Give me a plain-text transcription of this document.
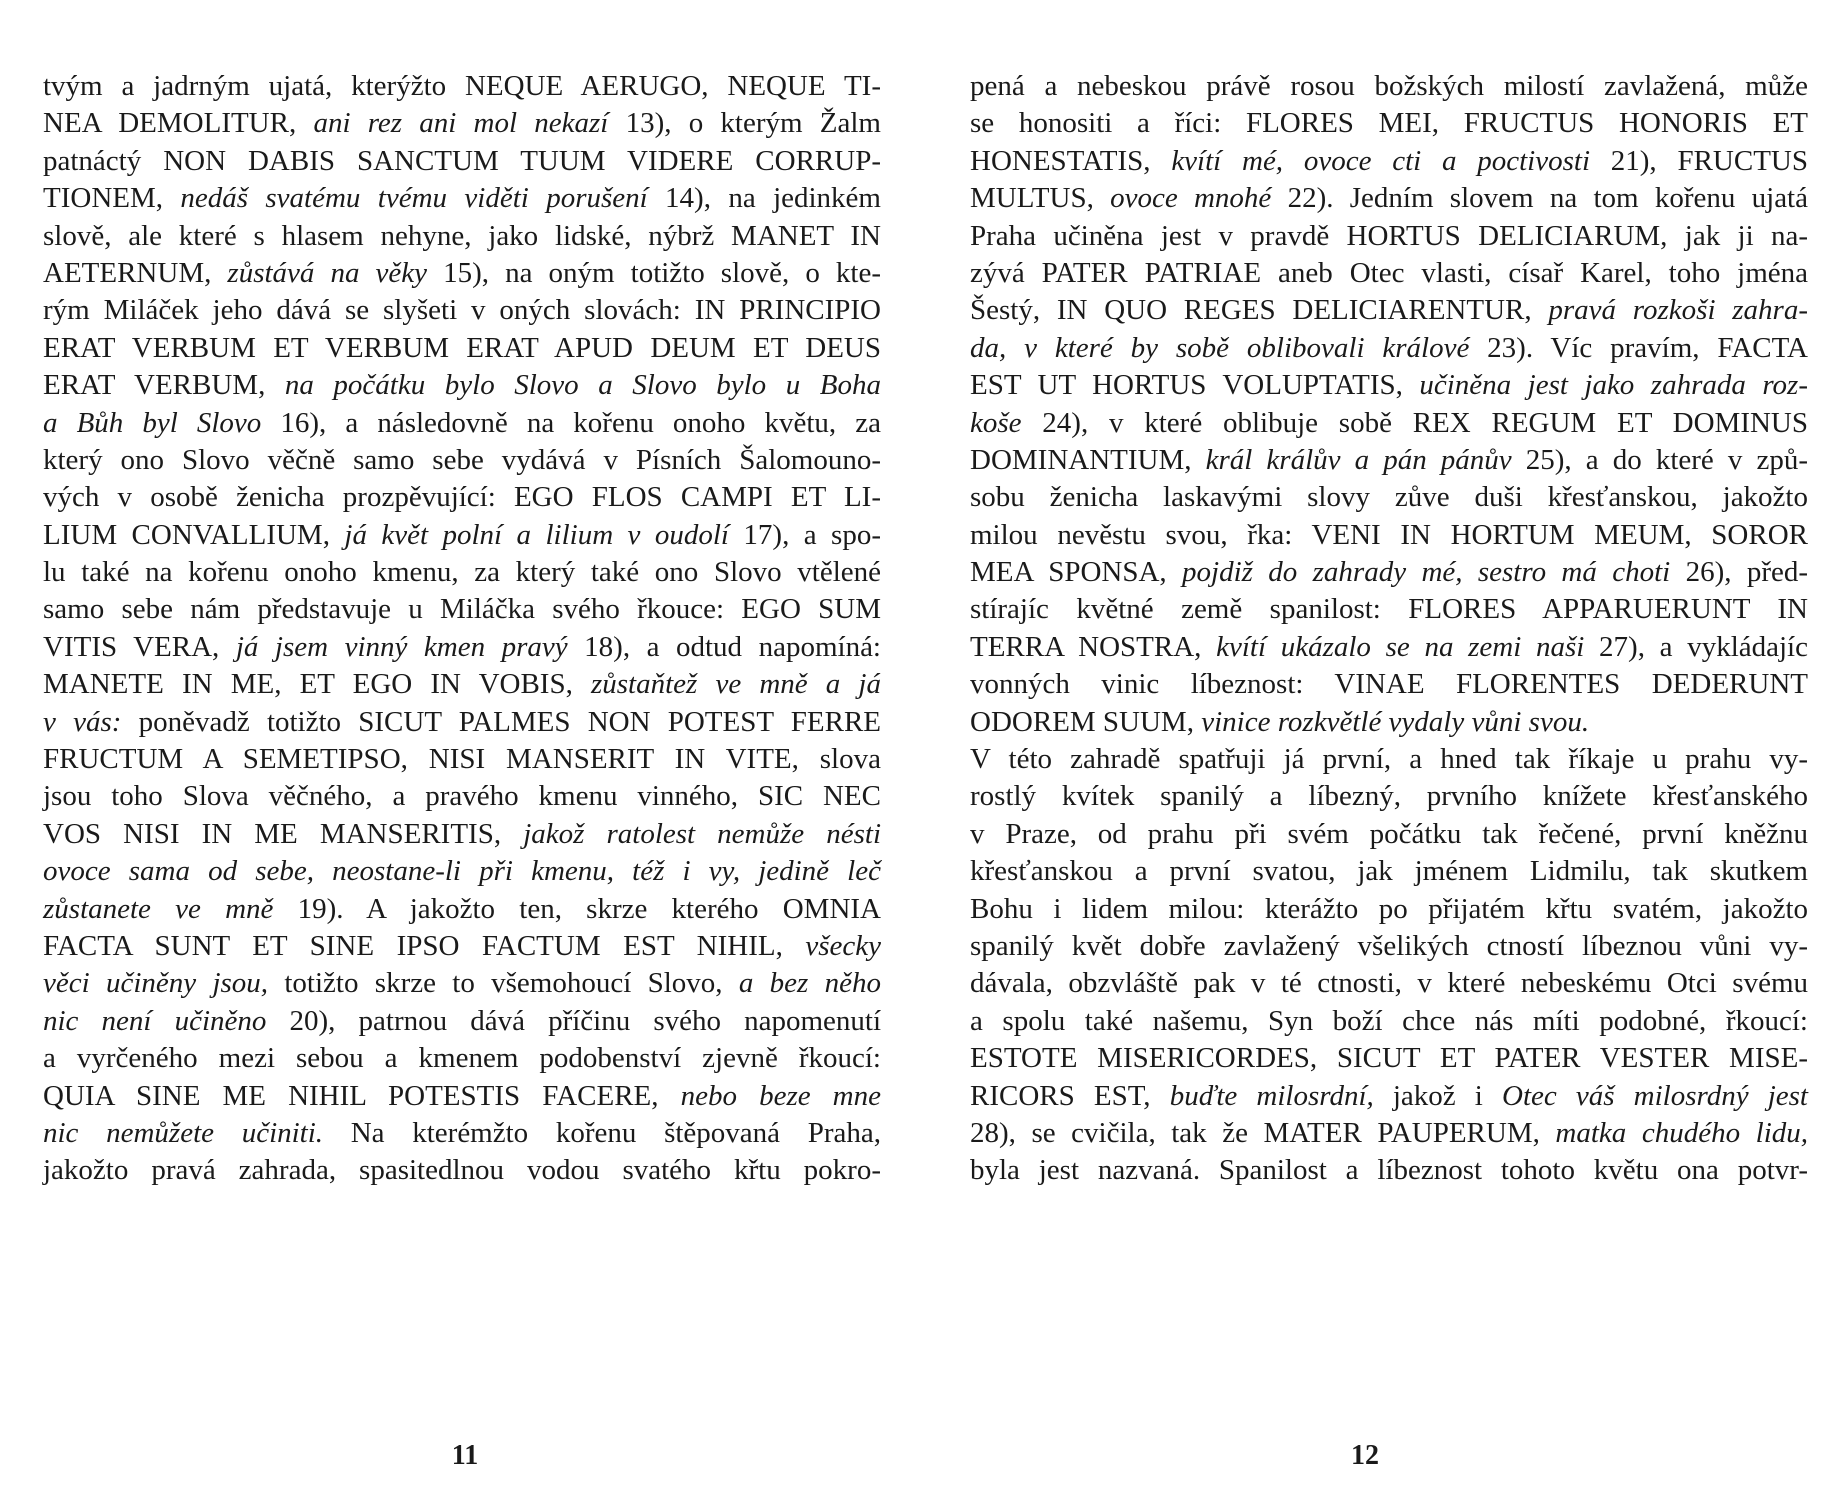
tvým a jadrným ujatá, kterýžto NEQUE AERUGO, NEQUE TI-
NEA DEMOLITUR, ani rez ani mol nekazí 13), o kterým Žalm
patnáctý NON DABIS SANCTUM TUUM VIDERE CORRUP-
TIONEM, nedáš svatému tvému viděti porušení 14), na jedinkém
slově, ale které s hlasem nehyne, jako lidské, nýbrž MANET IN
AETERNUM, zůstává na věky 15), na oným totižto slově, o kte-
rým Miláček jeho dává se slyšeti v oných slovách: IN PRINCIPIO
ERAT VERBUM ET VERBUM ERAT APUD DEUM ET DEUS
ERAT VERBUM, na počátku bylo Slovo a Slovo bylo u Boha
a Bůh byl Slovo 16), a následovně na kořenu onoho květu, za
který ono Slovo věčně samo sebe vydává v Písních Šalomouno-
vých v osobě ženicha prozpěvující: EGO FLOS CAMPI ET LI-
LIUM CONVALLIUM, já květ polní a lilium v oudolí 17), a spo-
lu také na kořenu onoho kmenu, za který také ono Slovo vtělené
samo sebe nám představuje u Miláčka svého řkouce: EGO SUM
VITIS VERA, já jsem vinný kmen pravý 18), a odtud napomíná:
MANETE IN ME, ET EGO IN VOBIS, zůstaňtež ve mně a já
v vás: poněvadž totižto SICUT PALMES NON POTEST FERRE
FRUCTUM A SEMETIPSO, NISI MANSERIT IN VITE, slova
jsou toho Slova věčného, a pravého kmenu vinného, SIC NEC
VOS NISI IN ME MANSERITIS, jakož ratolest nemůže nésti
ovoce sama od sebe, neostane-li při kmenu, též i vy, jedině leč
zůstanete ve mně 19). A jakožto ten, skrze kterého OMNIA
FACTA SUNT ET SINE IPSO FACTUM EST NIHIL, všecky
věci učiněny jsou, totižto skrze to všemohoucí Slovo, a bez něho
nic není učiněno 20), patrnou dává příčinu svého napomenutí
a vyrčeného mezi sebou a kmenem podobenství zjevně řkoucí:
QUIA SINE ME NIHIL POTESTIS FACERE, nebo beze mne
nic nemůžete učiniti. Na kterémžto kořenu štěpovaná Praha,
jakožto pravá zahrada, spasitedlnou vodou svatého křtu pokro-
11
pená a nebeskou právě rosou božských milostí zavlažená, může
se honositi a říci: FLORES MEI, FRUCTUS HONORIS ET
HONESTATIS, kvítí mé, ovoce cti a poctivosti 21), FRUCTUS
MULTUS, ovoce mnohé 22). Jedním slovem na tom kořenu ujatá
Praha učiněna jest v pravdě HORTUS DELICIARUM, jak ji na-
zývá PATER PATRIAE aneb Otec vlasti, císař Karel, toho jména
Šestý, IN QUO REGES DELICIARENTUR, pravá rozkoši zahra-
da, v které by sobě oblibovali králové 23). Víc pravím, FACTA
EST UT HORTUS VOLUPTATIS, učiněna jest jako zahrada roz-
koše 24), v které oblibuje sobě REX REGUM ET DOMINUS
DOMINANTIUM, král králův a pán pánův 25), a do které v způ-
sobu ženicha laskavými slovy zůve duši křesťanskou, jakožto
milou nevěstu svou, řka: VENI IN HORTUM MEUM, SOROR
MEA SPONSA, pojdiž do zahrady mé, sestro má choti 26), před-
stírajíc květné země spanilost: FLORES APPARUERUNT IN
TERRA NOSTRA, kvítí ukázalo se na zemi naši 27), a vykládajíc
vonných vinic líbeznost: VINAE FLORENTES DEDERUNT
ODOREM SUUM, vinice rozkvětlé vydaly vůni svou.
V této zahradě spatřuji já první, a hned tak říkaje u prahu vy-
rostlý kvítek spanilý a líbezný, prvního knížete křesťanského
v Praze, od prahu při svém počátku tak řečené, první kněžnu
křesťanskou a první svatou, jak jménem Lidmilu, tak skutkem
Bohu i lidem milou: kterážto po přijatém křtu svatém, jakožto
spanilý květ dobře zavlažený všelikých ctností líbeznou vůni vy-
dávala, obzvláště pak v té ctnosti, v které nebeskému Otci svému
a spolu také našemu, Syn boží chce nás míti podobné, řkoucí:
ESTOTE MISERICORDES, SICUT ET PATER VESTER MISE-
RICORS EST, buďte milosrdní, jakož i Otec váš milosrdný jest
28), se cvičila, tak že MATER PAUPERUM, matka chudého lidu,
byla jest nazvaná. Spanilost a líbeznost tohoto květu ona potvr-
12
